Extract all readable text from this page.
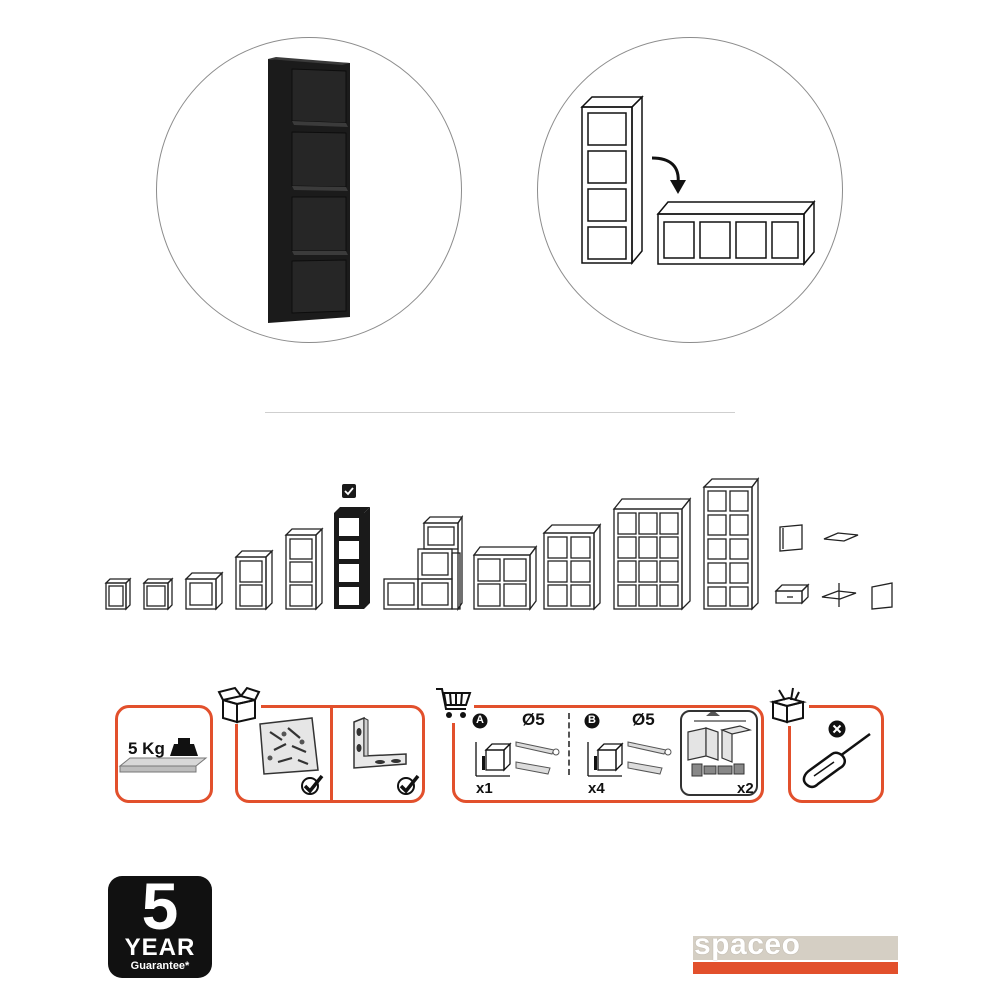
5 Kg
A Ø5
x1
B Ø5
x4	x2
5
YEAR
Guarantee*
spaceo
